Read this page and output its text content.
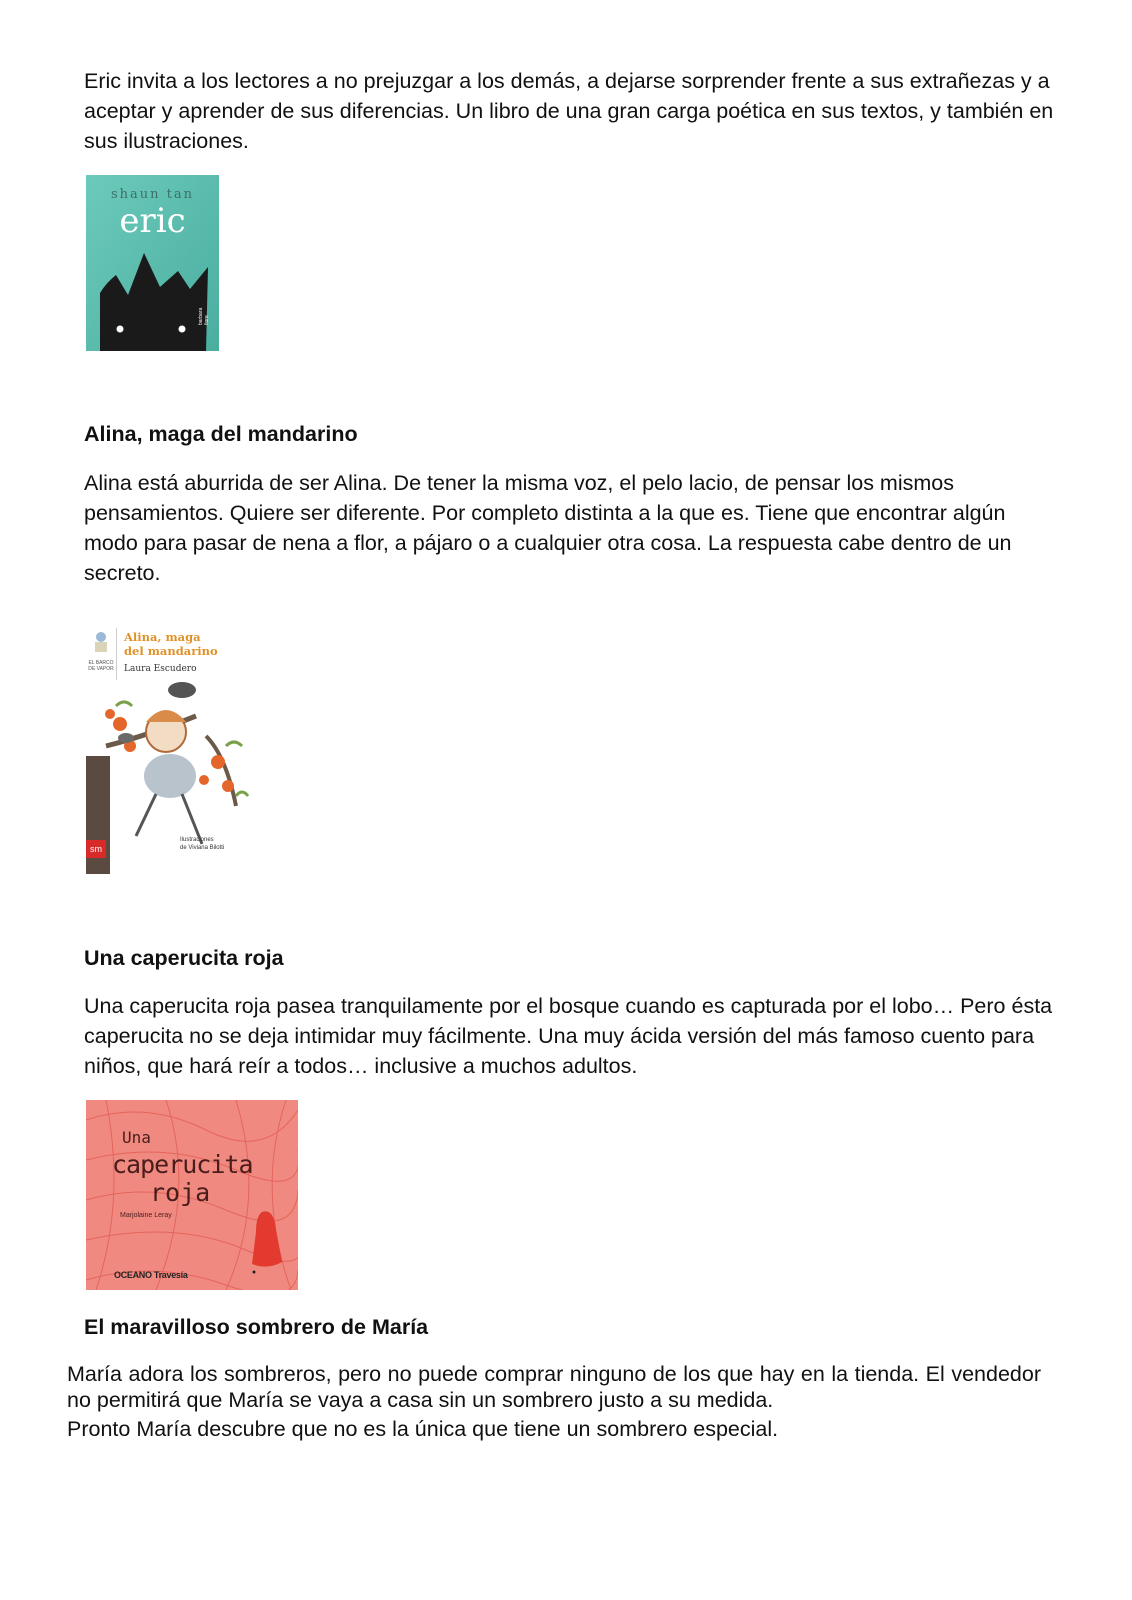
Eric invita a los lectores a no prejuzgar a los demás, a dejarse sorprender frente a sus extrañezas y a aceptar y aprender de sus diferencias. Un libro de una gran carga poética en sus textos, y también en sus ilustraciones.

shaun tan
eric
barbara fiore
Alina, maga del mandarino

Alina está aburrida de ser Alina. De tener la misma voz, el pelo lacio, de pensar los mismos pensamientos. Quiere ser diferente. Por completo distinta a la que es. Tiene que encontrar algún modo para pasar de nena a flor, a pájaro o a cualquier otra cosa. La respuesta cabe dentro de un secreto.

EL BARCO DE VAPOR
Alina, maga
del mandarino
Laura Escudero
sm
Ilustraciones
de Viviana Bilotti
Una caperucita roja

Una caperucita roja pasea tranquilamente por el bosque cuando es capturada por el lobo… Pero ésta caperucita no se deja intimidar muy fácilmente. Una muy ácida versión del más famoso cuento para niños, que hará reír a todos… inclusive a muchos adultos.

Una
caperucita
roja
Marjolaine Leray
OCEANO Travesía
El maravilloso sombrero de María

María adora los sombreros, pero no puede comprar ninguno de los que hay en la tienda. El vendedor no permitirá que María se vaya a casa sin un sombrero justo a su medida.

Pronto María descubre que no es la única que tiene un sombrero especial.
